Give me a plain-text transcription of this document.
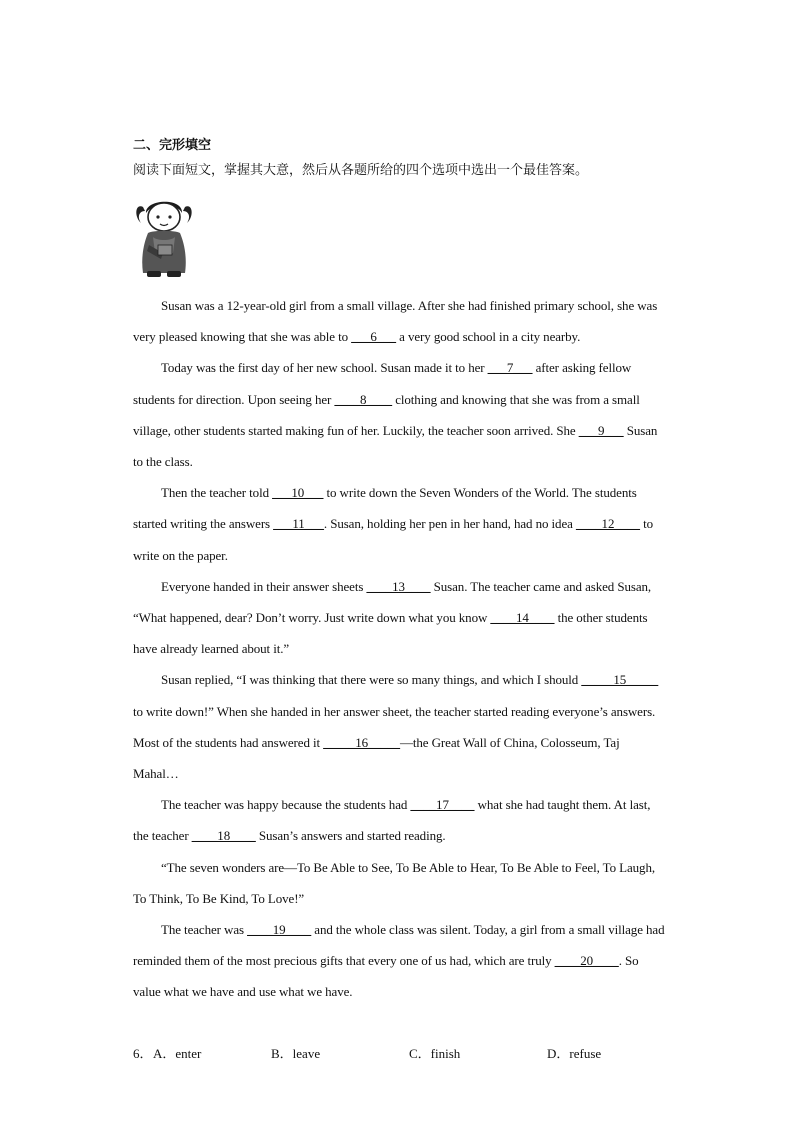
二、完形填空
阅读下面短文，掌握其大意，然后从各题所给的四个选项中选出一个最佳答案。

Susan was a 12-year-old girl from a small village. After she had finished primary school, she was very pleased knowing that she was able to ___6___ a very good school in a city nearby.

Today was the first day of her new school. Susan made it to her ___7___ after asking fellow students for direction. Upon seeing her ____8____ clothing and knowing that she was from a small village, other students started making fun of her. Luckily, the teacher soon arrived. She ___9___ Susan to the class.

Then the teacher told ___10___ to write down the Seven Wonders of the World. The students started writing the answers ___11___. Susan, holding her pen in her hand, had no idea ____12____ to write on the paper.

Everyone handed in their answer sheets ____13____ Susan. The teacher came and asked Susan, “What happened, dear? Don’t worry. Just write down what you know ____14____ the other students have already learned about it.”

Susan replied, “I was thinking that there were so many things, and which I should _____15_____ to write down!” When she handed in her answer sheet, the teacher started reading everyone’s answers. Most of the students had answered it _____16_____—the Great Wall of China, Colosseum, Taj Mahal…

The teacher was happy because the students had ____17____ what she had taught them. At last, the teacher ____18____ Susan’s answers and started reading.

“The seven wonders are—To Be Able to See, To Be Able to Hear, To Be Able to Feel, To Laugh, To Think, To Be Kind, To Love!”

The teacher was ____19____ and the whole class was silent. Today, a girl from a small village had reminded them of the most precious gifts that every one of us had, which are truly ____20____. So value what we have and use what we have.

6． A．enter	B．leave	C．finish	D．refuse
